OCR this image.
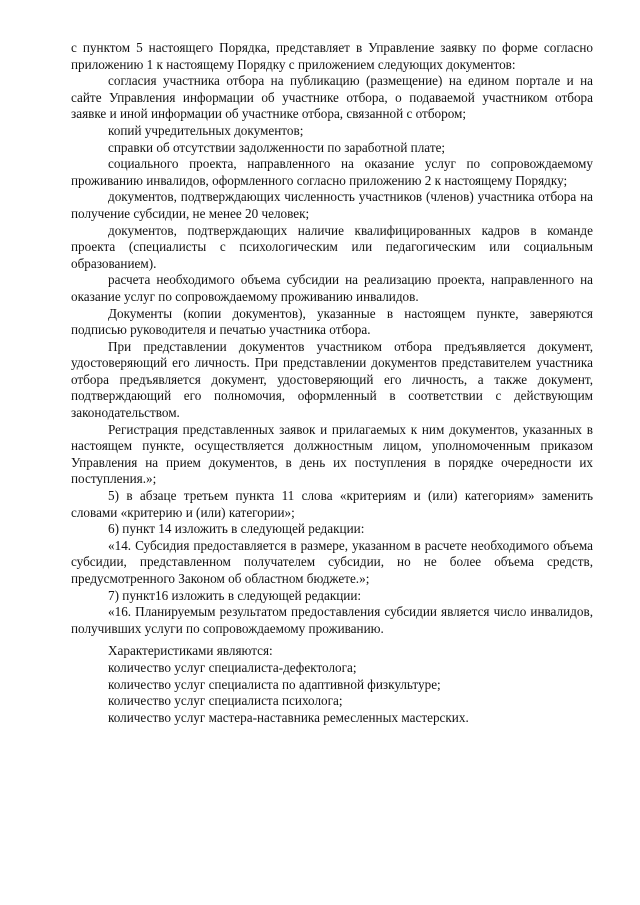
с пунктом 5 настоящего Порядка, представляет в Управление заявку по форме согласно приложению 1 к настоящему Порядку с приложением следующих документов:

согласия участника отбора на публикацию (размещение) на едином портале и на сайте Управления информации об участнике отбора, о подаваемой участником отбора заявке и иной информации об участнике отбора, связанной с отбором;

копий учредительных документов;

справки об отсутствии задолженности по заработной плате;

социального проекта, направленного на оказание услуг по сопровождаемому проживанию инвалидов, оформленного согласно приложению 2 к настоящему Порядку;

документов, подтверждающих численность участников (членов) участника отбора на получение субсидии, не менее 20 человек;

документов, подтверждающих наличие квалифицированных кадров в команде проекта (специалисты с психологическим или педагогическим или социальным образованием).

расчета необходимого объема субсидии на реализацию проекта, направленного на оказание услуг по сопровождаемому проживанию инвалидов.

Документы (копии документов), указанные в настоящем пункте, заверяются подписью руководителя и печатью участника отбора.

При представлении документов участником отбора предъявляется документ, удостоверяющий его личность. При представлении документов представителем участника отбора предъявляется документ, удостоверяющий его личность, а также документ, подтверждающий его полномочия, оформленный в соответствии с действующим законодательством.

Регистрация представленных заявок и прилагаемых к ним документов, указанных в настоящем пункте, осуществляется должностным лицом, уполномоченным приказом Управления на прием документов, в день их поступления в порядке очередности их поступления.»;

5) в абзаце третьем пункта 11 слова «критериям и (или) категориям» заменить словами «критерию и (или) категории»;

6) пункт 14 изложить в следующей редакции:

«14. Субсидия предоставляется в размере, указанном в расчете необходимого объема субсидии, представленном получателем субсидии, но не более объема средств, предусмотренного Законом об областном бюджете.»;

7) пункт16 изложить в следующей редакции:

«16. Планируемым результатом предоставления субсидии является число инвалидов, получивших услуги по сопровождаемому проживанию.

Характеристиками являются:

количество услуг специалиста-дефектолога;

количество услуг специалиста по адаптивной физкультуре;

количество услуг специалиста психолога;

количество услуг мастера-наставника ремесленных мастерских.
